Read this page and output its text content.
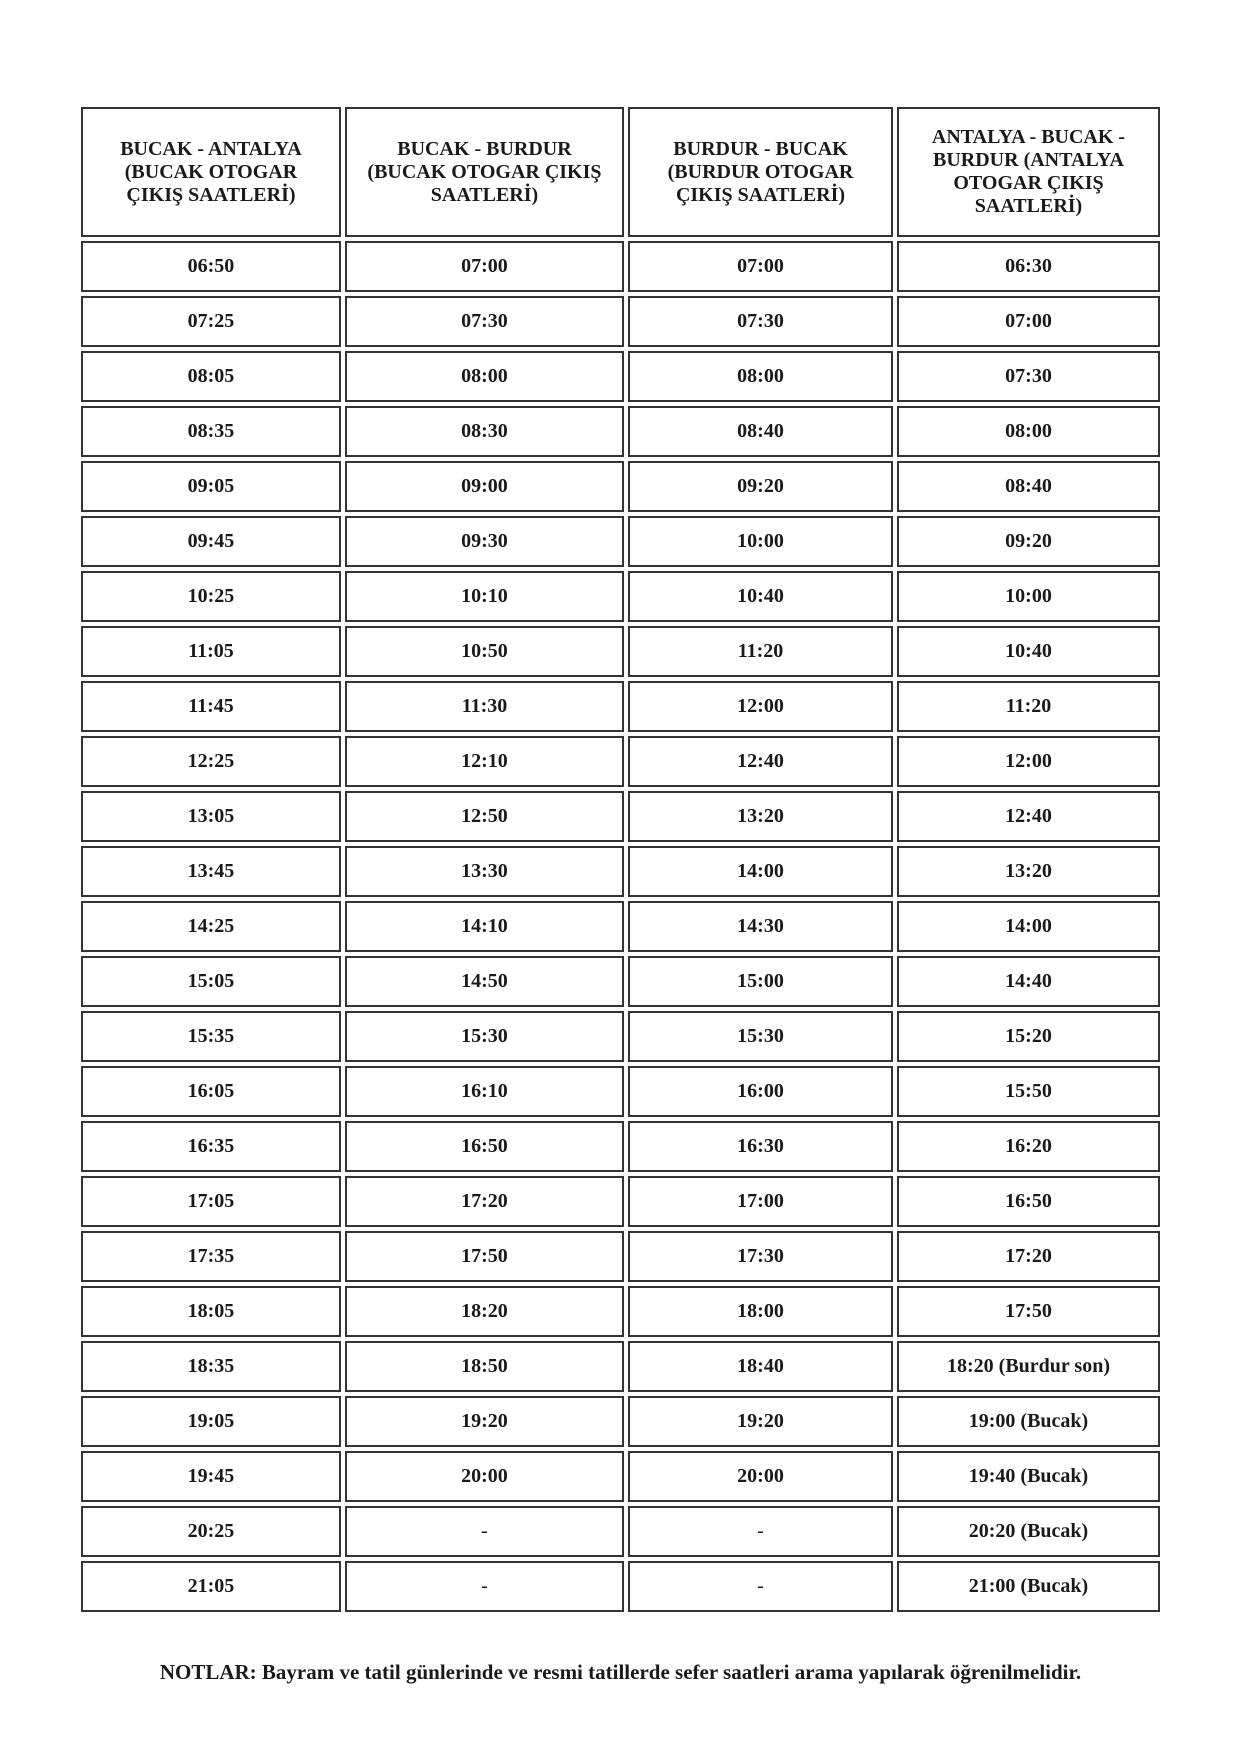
BUCAK - ANTALYA (BUCAK OTOGAR ÇIKIŞ SAATLERİ)	BUCAK - BURDUR (BUCAK OTOGAR ÇIKIŞ SAATLERİ)	BURDUR - BUCAK (BURDUR OTOGAR ÇIKIŞ SAATLERİ)	ANTALYA - BUCAK - BURDUR (ANTALYA OTOGAR ÇIKIŞ SAATLERİ)
06:50	07:00	07:00	06:30
07:25	07:30	07:30	07:00
08:05	08:00	08:00	07:30
08:35	08:30	08:40	08:00
09:05	09:00	09:20	08:40
09:45	09:30	10:00	09:20
10:25	10:10	10:40	10:00
11:05	10:50	11:20	10:40
11:45	11:30	12:00	11:20
12:25	12:10	12:40	12:00
13:05	12:50	13:20	12:40
13:45	13:30	14:00	13:20
14:25	14:10	14:30	14:00
15:05	14:50	15:00	14:40
15:35	15:30	15:30	15:20
16:05	16:10	16:00	15:50
16:35	16:50	16:30	16:20
17:05	17:20	17:00	16:50
17:35	17:50	17:30	17:20
18:05	18:20	18:00	17:50
18:35	18:50	18:40	18:20 (Burdur son)
19:05	19:20	19:20	19:00 (Bucak)
19:45	20:00	20:00	19:40 (Bucak)
20:25	-	-	20:20 (Bucak)
21:05	-	-	21:00 (Bucak)
NOTLAR: Bayram ve tatil günlerinde ve resmi tatillerde sefer saatleri arama yapılarak öğrenilmelidir.
